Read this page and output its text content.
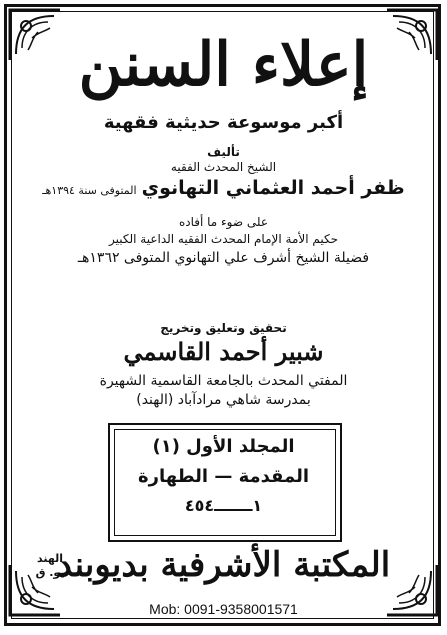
إعلاء السنن
أكبر موسوعة حديثية فقهية
تأليف
الشيخ المحدث الفقيه
ظفر أحمد العثماني التهانوي المتوفى سنة ١٣٩٤هـ
على ضوء ما أفاده
حكيم الأمة الإمام المحدث الفقيه الداعية الكبير
فضيلة الشيخ أشرف علي التهانوي المتوفى ١٣٦٢هـ
تحقيق وتعليق وتخريج
شبير أحمد القاسمي
المفتي المحدث بالجامعة القاسمية الشهيرة
بمدرسة شاهي مرادآباد (الهند)
المجلد الأول (١)
المقدمة — الطهارة
١ـــــــ٤٥٤
المكتبة الأشرفية بديوبند
الهند
يو. ق
Mob: 0091-9358001571
